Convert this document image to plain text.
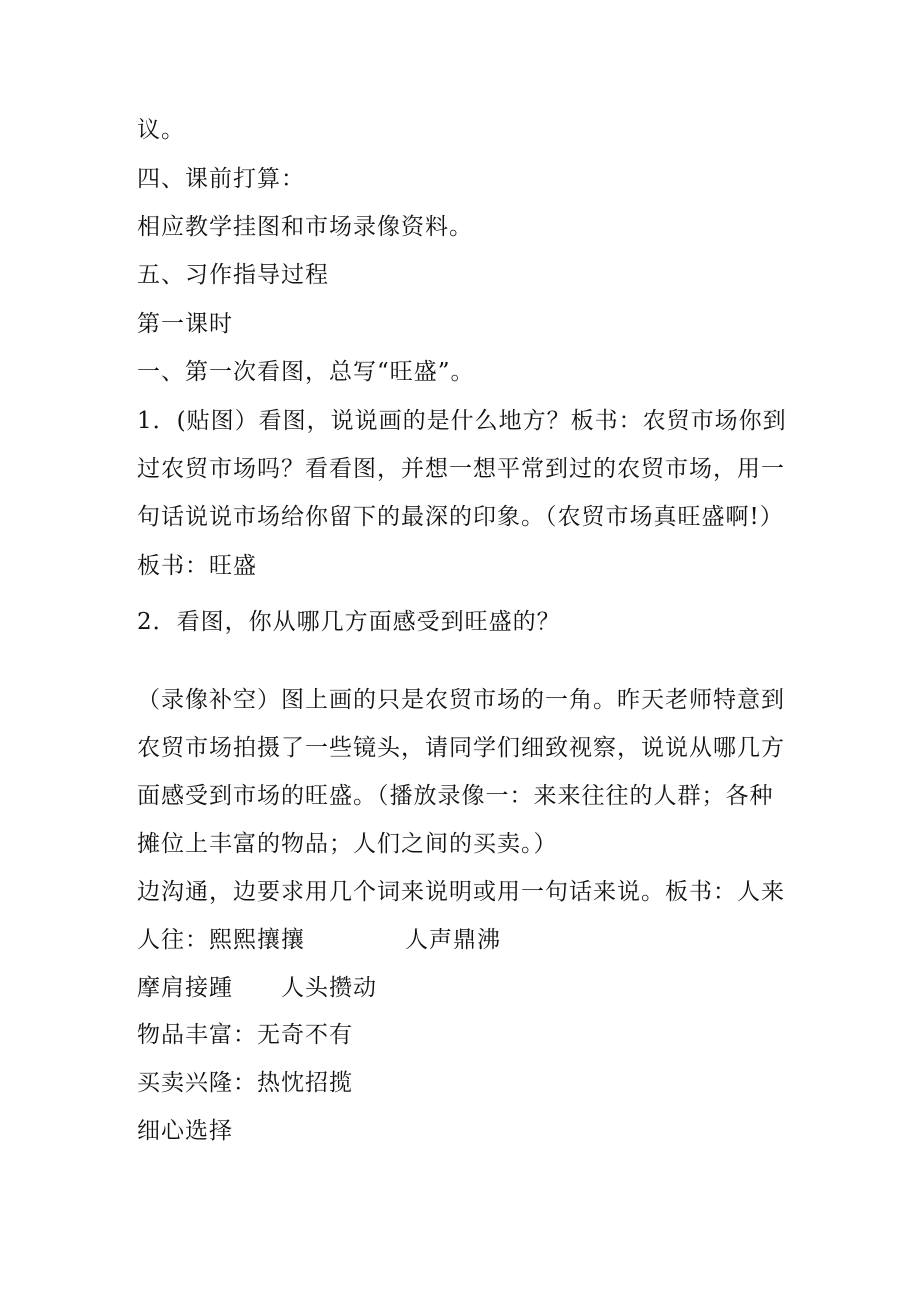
议。
四、课前打算：
相应教学挂图和市场录像资料。
五、习作指导过程
第一课时
一、第一次看图，总写“旺盛”。
1．(贴图）看图，说说画的是什么地方？板书：农贸市场你到
过农贸市场吗？看看图，并想一想平常到过的农贸市场，用一
句话说说市场给你留下的最深的印象。（农贸市场真旺盛啊!）
板书：旺盛
2．看图，你从哪几方面感受到旺盛的？
（录像补空）图上画的只是农贸市场的一角。昨天老师特意到
农贸市场拍摄了一些镜头，请同学们细致视察，说说从哪几方
面感受到市场的旺盛。（播放录像一：来来往往的人群；各种
摊位上丰富的物品；人们之间的买卖。）
边沟通，边要求用几个词来说明或用一句话来说。板书：人来
人往：熙熙攘攘	人声鼎沸
摩肩接踵 人头攒动
物品丰富：无奇不有
买卖兴隆：热忱招揽
细心选择
